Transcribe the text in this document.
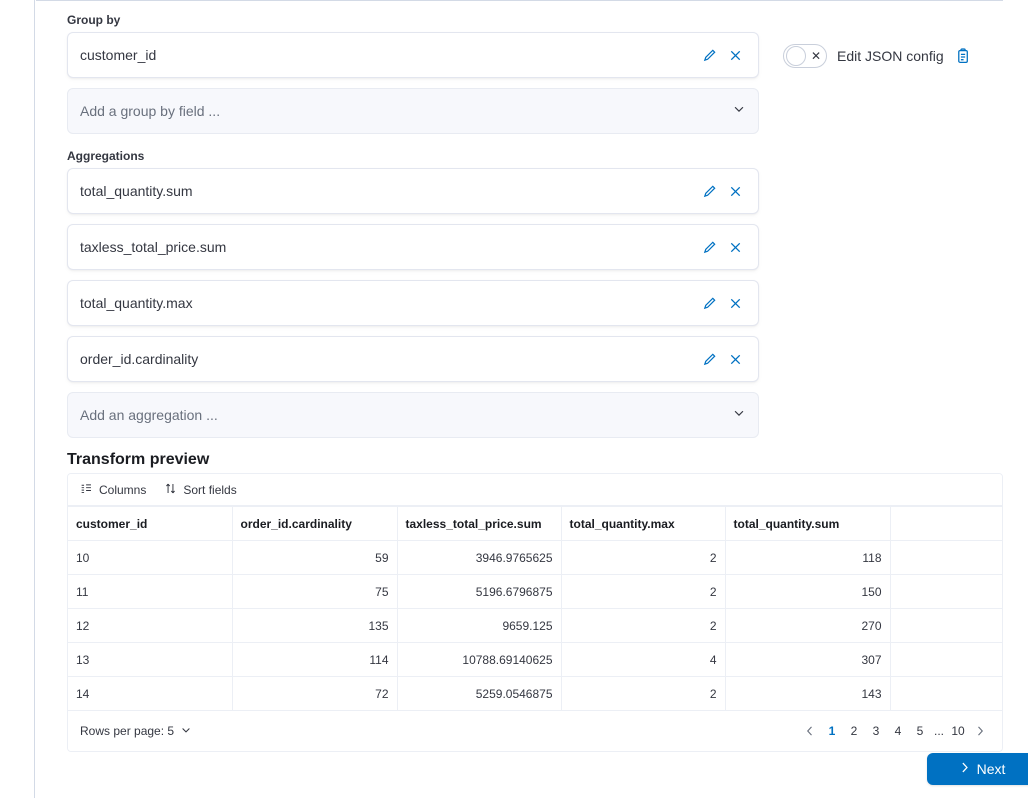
Group by
customer_id
Add a group by field ...
Aggregations
total_quantity.sum
taxless_total_price.sum
total_quantity.max
order_id.cardinality
Add an aggregation ...
✕ Edit JSON config
Transform preview
Columns	Sort fields
customer_id	order_id.cardinality	taxless_total_price.sum	total_quantity.max	total_quantity.sum	
10	59	3946.9765625	2	118	
11	75	5196.6796875	2	150	
12	135	9659.125	2	270	
13	114	10788.69140625	4	307	
14	72	5259.0546875	2	143	
Rows per page: 5	1	2	3	4	5 ... 10
Next
